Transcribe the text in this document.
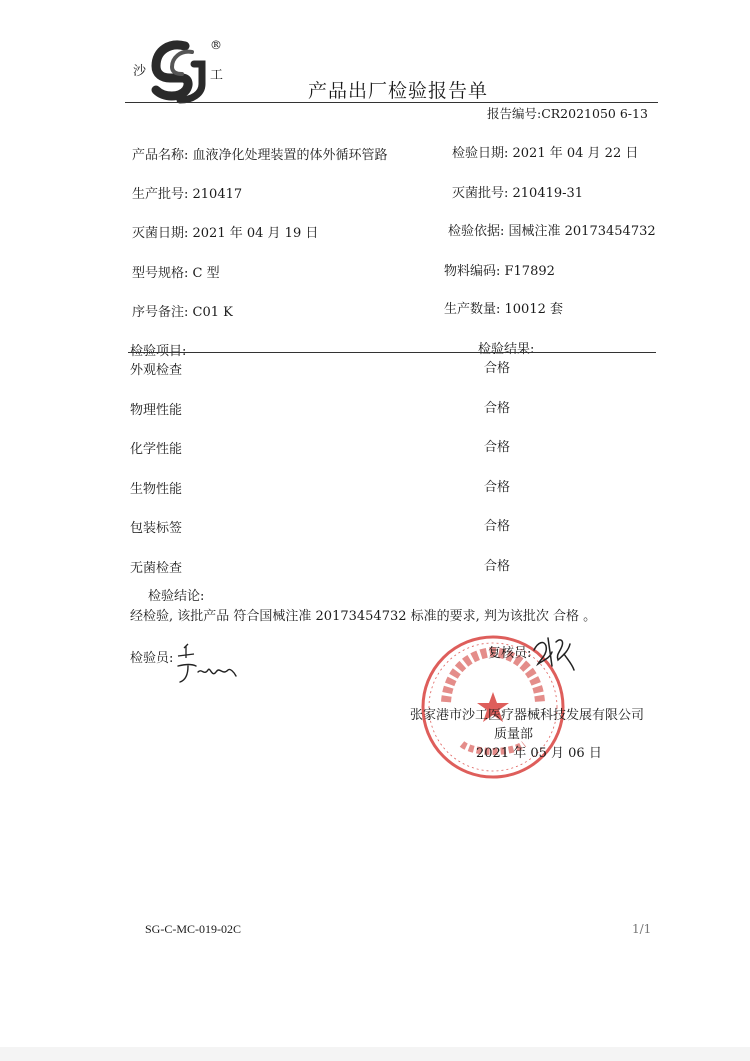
沙	工
®
产品出厂检验报告单
报告编号:CR2021050 6-13
产品名称: 血液净化处理装置的体外循环管路	检验日期: 2021 年 04 月 22 日
生产批号: 210417	灭菌批号: 210419-31
灭菌日期: 2021 年 04 月 19 日	检验依据: 国械注准 20173454732
型号规格: C 型	物料编码: F17892
序号备注: C01 K	生产数量: 10012 套
检验项目:	检验结果:
外观检查	合格
物理性能	合格
化学性能	合格
生物性能	合格
包装标签	合格
无菌检查	合格
检验结论:
经检验, 该批产品 符合国械注准 20173454732 标准的要求, 判为该批次 合格 。
检验员:	复核员:
张家港市沙工医疗器械科技发展有限公司
质量部
2021 年 05 月 06 日
SG-C-MC-019-02C	1/1
